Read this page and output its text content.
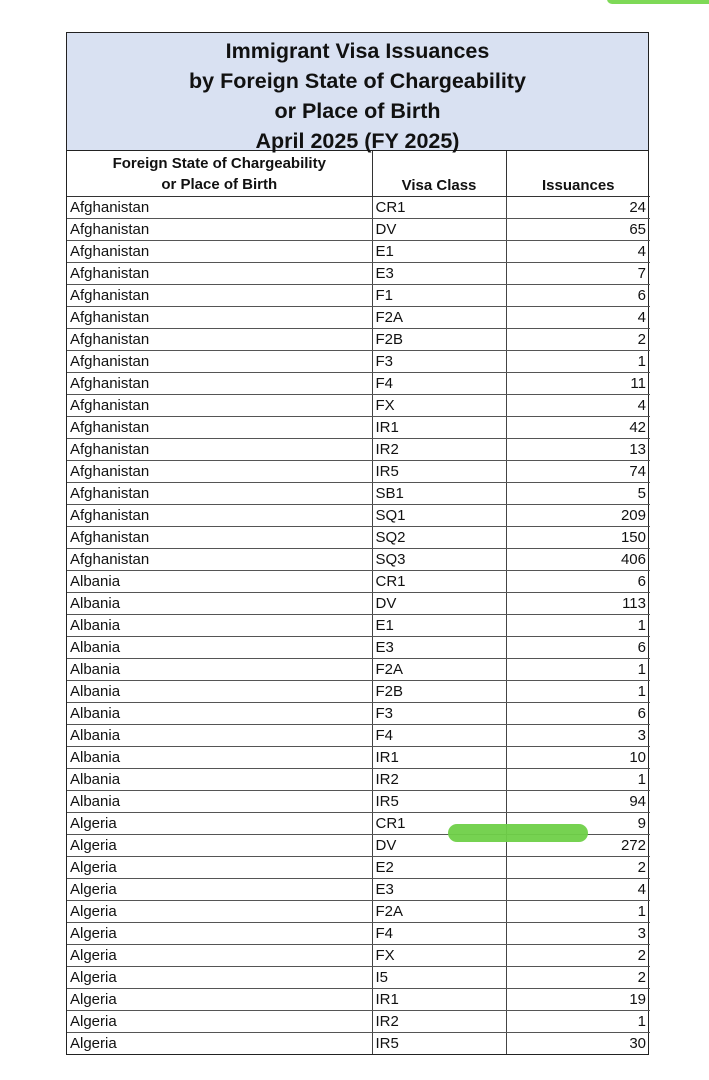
Immigrant Visa Issuances
by Foreign State of Chargeability
or Place of Birth
April 2025 (FY 2025)
Foreign State of Chargeability
or Place of Birth	Visa Class	Issuances
Afghanistan	CR1	24
Afghanistan	DV	65
Afghanistan	E1	4
Afghanistan	E3	7
Afghanistan	F1	6
Afghanistan	F2A	4
Afghanistan	F2B	2
Afghanistan	F3	1
Afghanistan	F4	11
Afghanistan	FX	4
Afghanistan	IR1	42
Afghanistan	IR2	13
Afghanistan	IR5	74
Afghanistan	SB1	5
Afghanistan	SQ1	209
Afghanistan	SQ2	150
Afghanistan	SQ3	406
Albania	CR1	6
Albania	DV	113
Albania	E1	1
Albania	E3	6
Albania	F2A	1
Albania	F2B	1
Albania	F3	6
Albania	F4	3
Albania	IR1	10
Albania	IR2	1
Albania	IR5	94
Algeria	CR1	9
Algeria	DV	272
Algeria	E2	2
Algeria	E3	4
Algeria	F2A	1
Algeria	F4	3
Algeria	FX	2
Algeria	I5	2
Algeria	IR1	19
Algeria	IR2	1
Algeria	IR5	30
